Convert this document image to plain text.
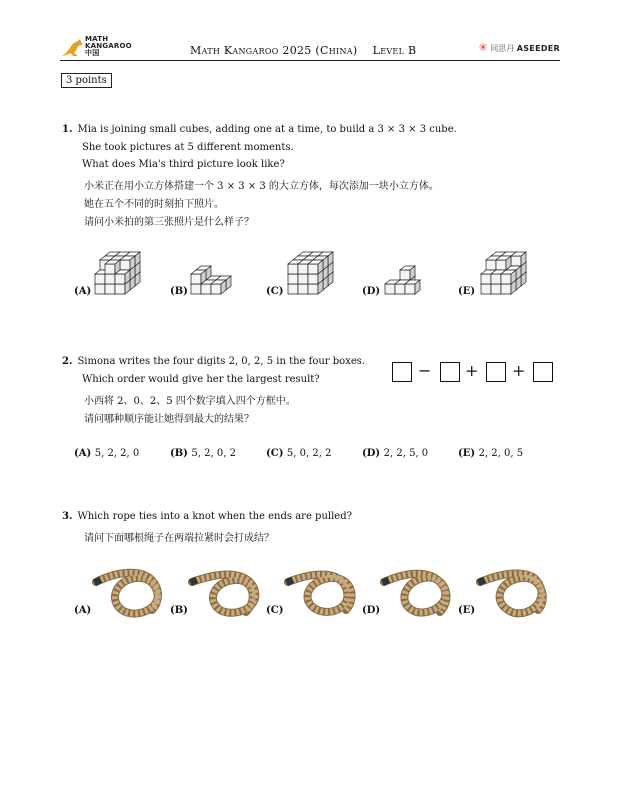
MATH
KANGAROO
中国	Math Kangaroo 2025 (China)    Level B	✳ 同思丹 ASEEDER
3 points
1. Mia is joining small cubes, adding one at a time, to build a 3 × 3 × 3 cube.
She took pictures at 5 different moments.
What does Mia's third picture look like?
小米正在用小立方体搭建一个 3 × 3 × 3 的大立方体，每次添加一块小立方体。
她在五个不同的时刻拍下照片。
请问小米拍的第三张照片是什么样子？
(A)	(B)	(C)	(D)	(E)
2. Simona writes the four digits 2, 0, 2, 5 in the four boxes.
Which order would give her the largest result?
小西将 2、0、2、5 四个数字填入四个方框中。
请问哪种顺序能让她得到最大的结果？
− + +
(A) 5, 2, 2, 0	(B) 5, 2, 0, 2	(C) 5, 0, 2, 2	(D) 2, 2, 5, 0	(E) 2, 2, 0, 5
3. Which rope ties into a knot when the ends are pulled?
请问下面哪根绳子在两端拉紧时会打成结？
(A)	(B)	(C)	(D)	(E)
